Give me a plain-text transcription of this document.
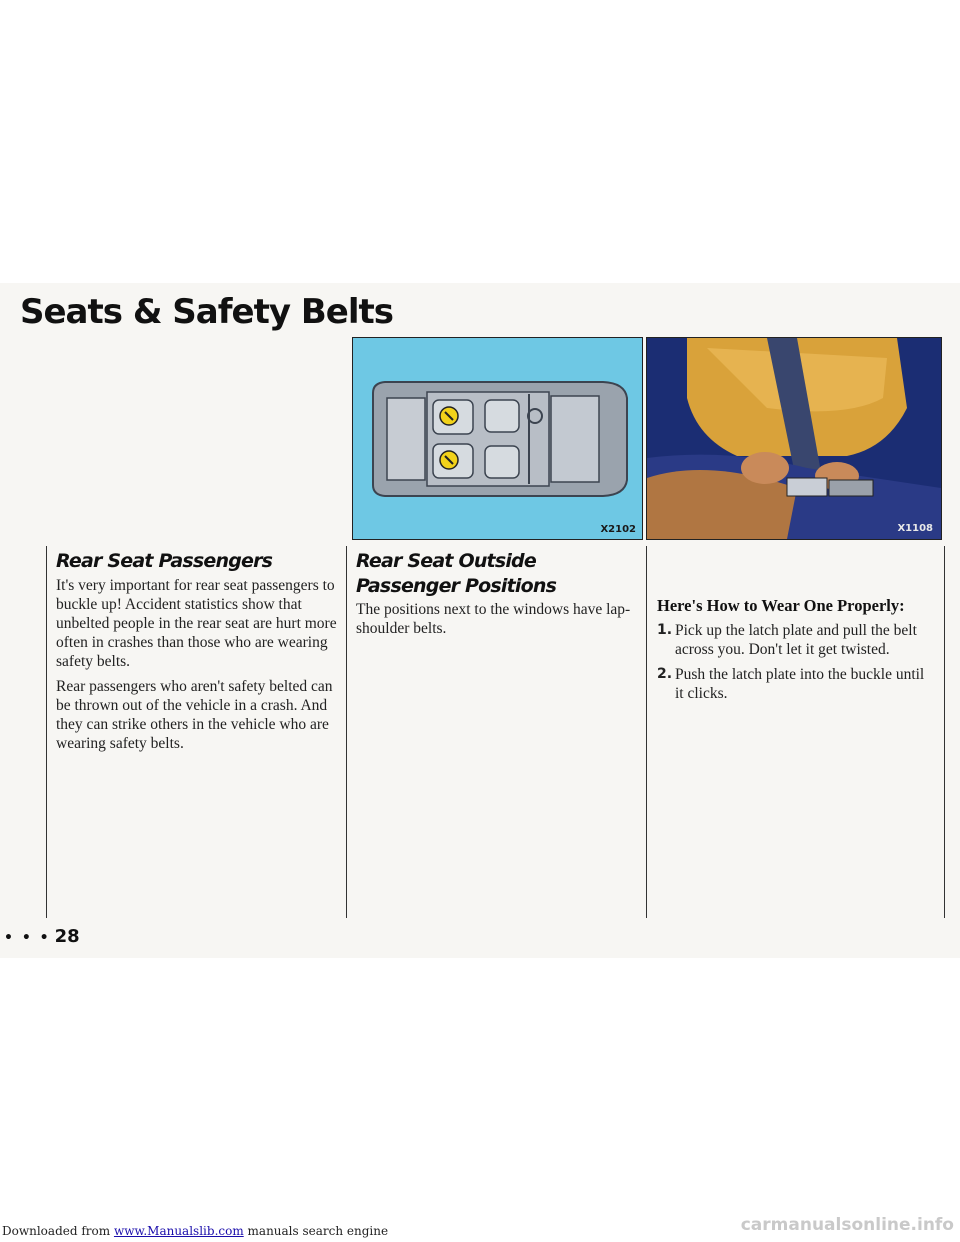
Seats & Safety Belts
X2102	X1108
Rear Seat Passengers

It's very important for rear seat passengers to buckle up! Accident statistics show that unbelted people in the rear seat are hurt more often in crashes than those who are wearing safety belts.

Rear passengers who aren't safety belted can be thrown out of the vehicle in a crash. And they can strike others in the vehicle who are wearing safety belts.

Rear Seat Outside Passenger Positions

The positions next to the windows have lap-shoulder belts.

Here's How to Wear One Properly:
1. Pick up the latch plate and pull the belt across you. Don't let it get twisted.
2. Push the latch plate into the buckle until it clicks.
• • • 28
Downloaded from www.Manualslib.com manuals search engine	carmanualsonline.info
